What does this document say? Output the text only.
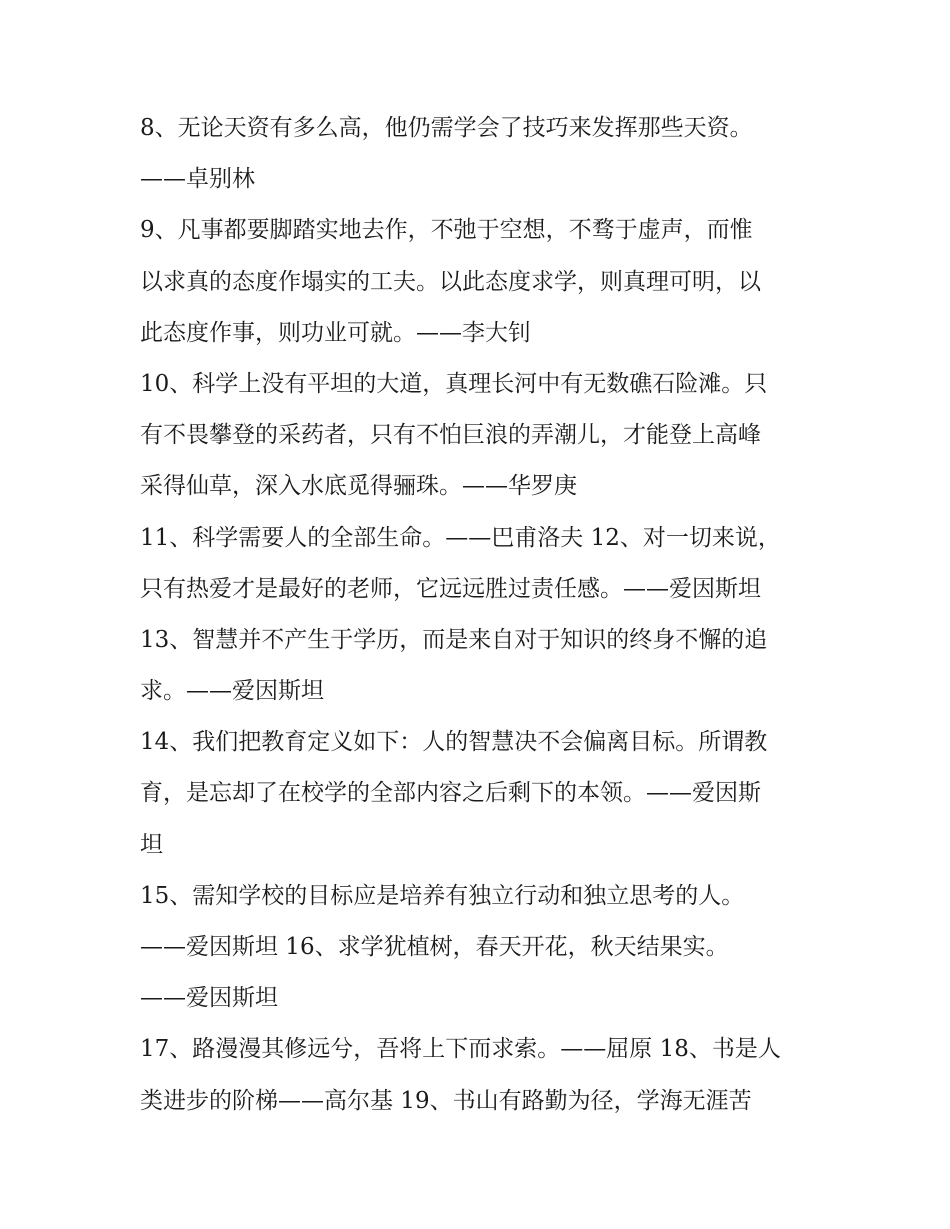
8、无论天资有多么高，他仍需学会了技巧来发挥那些天资。
——卓别林
9、凡事都要脚踏实地去作，不弛于空想，不骛于虚声，而惟
以求真的态度作塌实的工夫。以此态度求学，则真理可明，以
此态度作事，则功业可就。——李大钊
10、科学上没有平坦的大道，真理长河中有无数礁石险滩。只
有不畏攀登的采药者，只有不怕巨浪的弄潮儿，才能登上高峰
采得仙草，深入水底觅得骊珠。——华罗庚
11、科学需要人的全部生命。——巴甫洛夫 12、对一切来说，
只有热爱才是最好的老师，它远远胜过责任感。——爱因斯坦
13、智慧并不产生于学历，而是来自对于知识的终身不懈的追
求。——爱因斯坦
14、我们把教育定义如下：人的智慧决不会偏离目标。所谓教
育，是忘却了在校学的全部内容之后剩下的本领。——爱因斯
坦
15、需知学校的目标应是培养有独立行动和独立思考的人。
——爱因斯坦 16、求学犹植树，春天开花，秋天结果实。
——爱因斯坦
17、路漫漫其修远兮，吾将上下而求索。——屈原 18、书是人
类进步的阶梯——高尔基 19、书山有路勤为径，学海无涯苦
